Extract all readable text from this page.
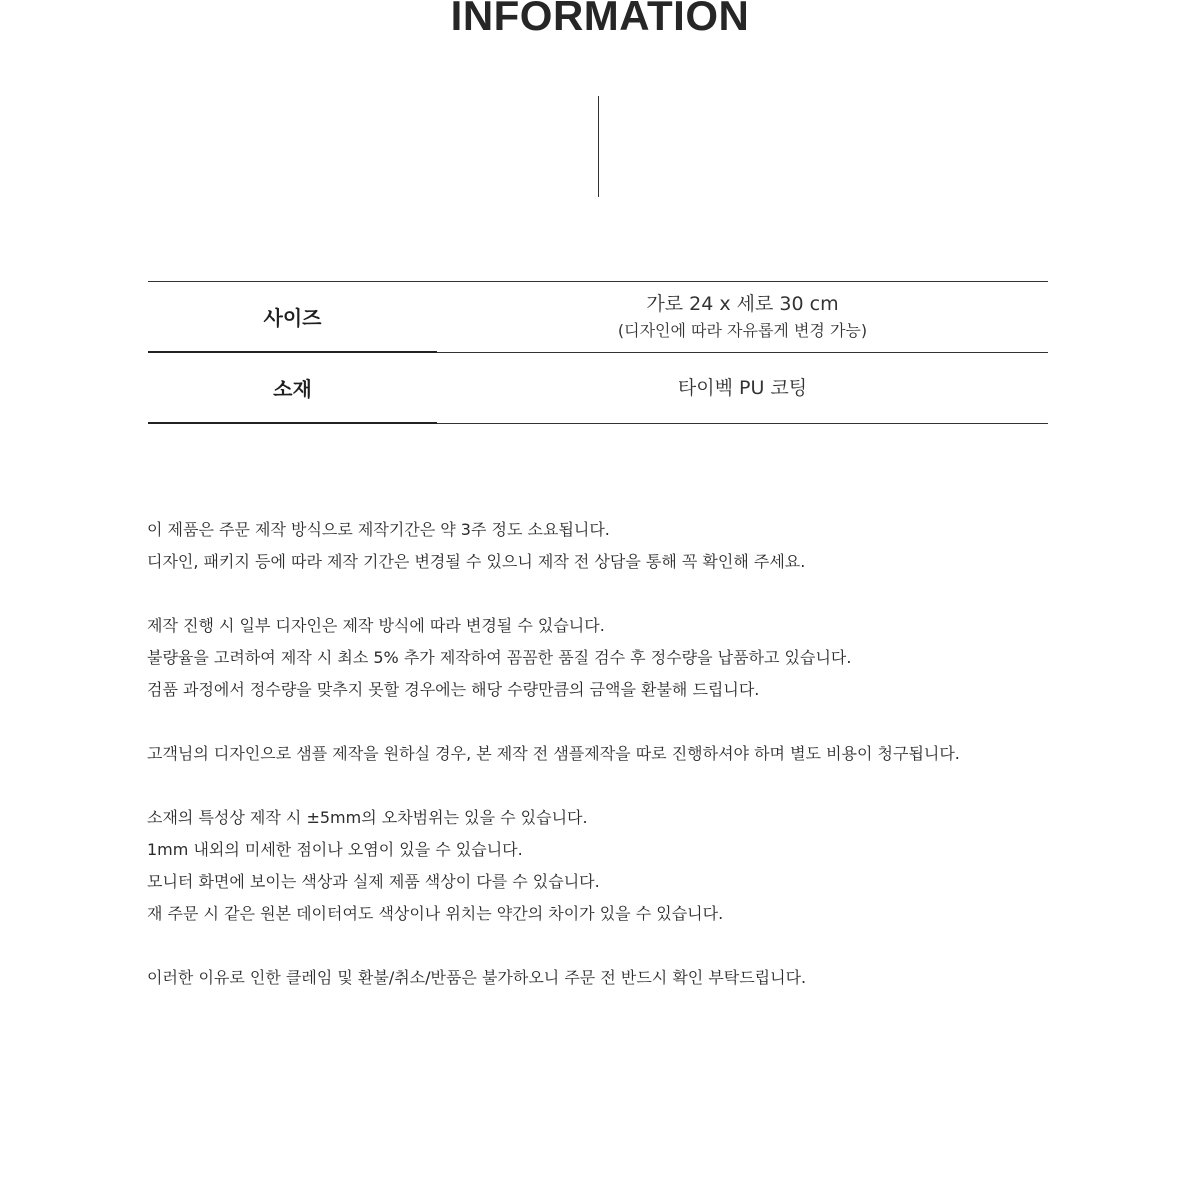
INFORMATION
사이즈	가로 24 x 세로 30 cm
(디자인에 따라 자유롭게 변경 가능)

소재	타이벡 PU 코팅

이 제품은 주문 제작 방식으로 제작기간은 약 3주 정도 소요됩니다.

디자인, 패키지 등에 따라 제작 기간은 변경될 수 있으니 제작 전 상담을 통해 꼭 확인해 주세요.

제작 진행 시 일부 디자인은 제작 방식에 따라 변경될 수 있습니다.

불량율을 고려하여 제작 시 최소 5% 추가 제작하여 꼼꼼한 품질 검수 후 정수량을 납품하고 있습니다.

검품 과정에서 정수량을 맞추지 못할 경우에는 해당 수량만큼의 금액을 환불해 드립니다.

고객님의 디자인으로 샘플 제작을 원하실 경우, 본 제작 전 샘플제작을 따로 진행하셔야 하며 별도 비용이 청구됩니다.

소재의 특성상 제작 시 ±5mm의 오차범위는 있을 수 있습니다.

1mm 내외의 미세한 점이나 오염이 있을 수 있습니다.

모니터 화면에 보이는 색상과 실제 제품 색상이 다를 수 있습니다.

재 주문 시 같은 원본 데이터여도 색상이나 위치는 약간의 차이가 있을 수 있습니다.

이러한 이유로 인한 클레임 및 환불/취소/반품은 불가하오니 주문 전 반드시 확인 부탁드립니다.
